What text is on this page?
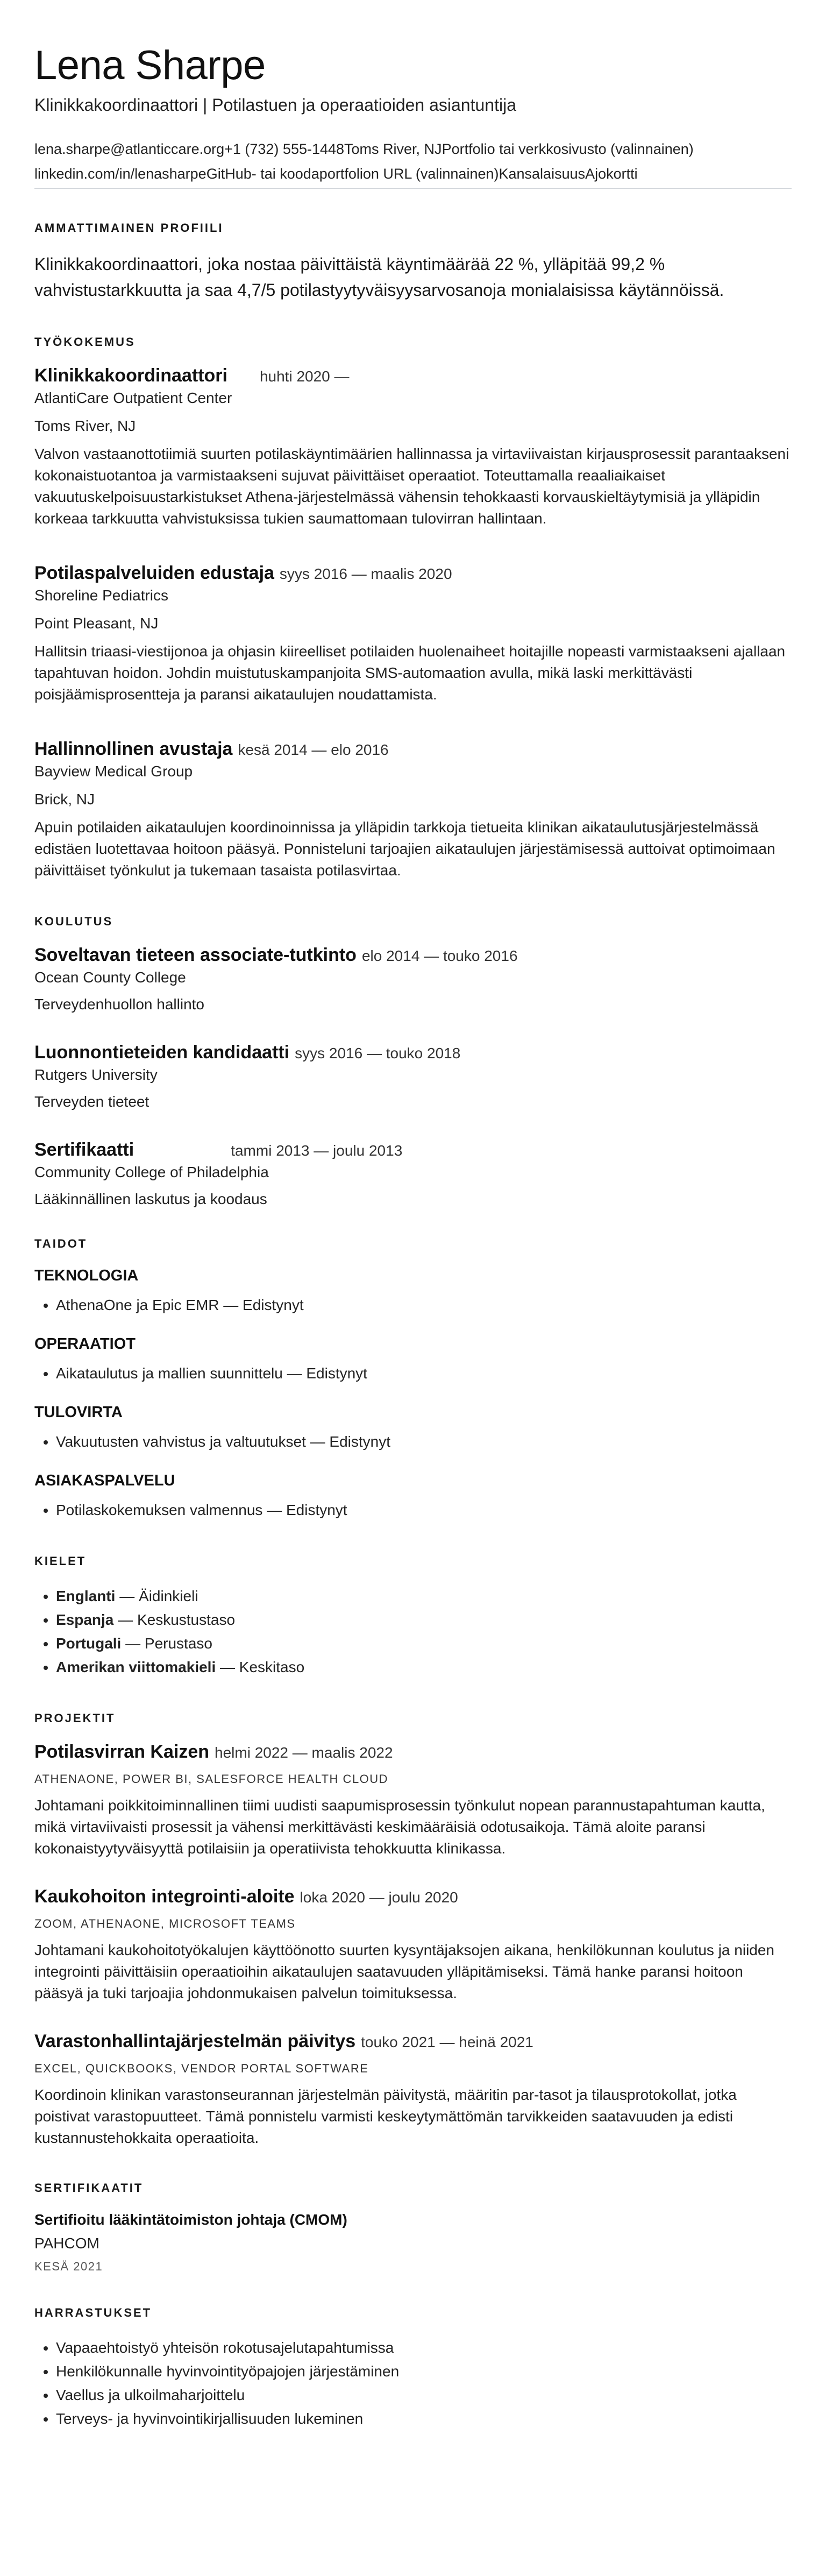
Lena Sharpe
Klinikkakoordinaattori | Potilastuen ja operaatioiden asiantuntija
lena.sharpe@atlanticcare.org+1 (732) 555-1448Toms River, NJPortfolio tai verkkosivusto (valinnainen)
linkedin.com/in/lenasharpeGitHub- tai koodaportfolion URL (valinnainen)KansalaisuusAjokortti
AMMATTIMAINEN PROFIILI
Klinikkakoordinaattori, joka nostaa päivittäistä käyntimäärää 22 %, ylläpitää 99,2 % vahvistustarkkuutta ja saa 4,7/5 potilastyytyväisyysarvosanoja monialaisissa käytännöissä.
TYÖKOKEMUS
Klinikkakoordinaattori huhti 2020 —
AtlantiCare Outpatient Center
Toms River, NJ
Valvon vastaanottotiimiä suurten potilaskäyntimäärien hallinnassa ja virtaviivaistan kirjausprosessit parantaakseni kokonaistuotantoa ja varmistaakseni sujuvat päivittäiset operaatiot. Toteuttamalla reaaliaikaiset vakuutuskelpoisuustarkistukset Athena-järjestelmässä vähensin tehokkaasti korvauskieltäytymisiä ja ylläpidin korkeaa tarkkuutta vahvistuksissa tukien saumattomaan tulovirran hallintaan.
Potilaspalveluiden edustaja syys 2016 — maalis 2020
Shoreline Pediatrics
Point Pleasant, NJ
Hallitsin triaasi-viestijonoa ja ohjasin kiireelliset potilaiden huolenaiheet hoitajille nopeasti varmistaakseni ajallaan tapahtuvan hoidon. Johdin muistutuskampanjoita SMS-automaation avulla, mikä laski merkittävästi poisjäämisprosentteja ja paransi aikataulujen noudattamista.
Hallinnollinen avustaja kesä 2014 — elo 2016
Bayview Medical Group
Brick, NJ
Apuin potilaiden aikataulujen koordinoinnissa ja ylläpidin tarkkoja tietueita klinikan aikataulutusjärjestelmässä edistäen luotettavaa hoitoon pääsyä. Ponnisteluni tarjoajien aikataulujen järjestämisessä auttoivat optimoimaan päivittäiset työnkulut ja tukemaan tasaista potilasvirtaa.
KOULUTUS
Soveltavan tieteen associate-tutkinto elo 2014 — touko 2016
Ocean County College
Terveydenhuollon hallinto
Luonnontieteiden kandidaatti syys 2016 — touko 2018
Rutgers University
Terveyden tieteet
Sertifikaatti	tammi 2013 — joulu 2013
Community College of Philadelphia
Lääkinnällinen laskutus ja koodaus
TAIDOT
TEKNOLOGIA
• AthenaOne ja Epic EMR — Edistynyt
OPERAATIOT
• Aikataulutus ja mallien suunnittelu — Edistynyt
TULOVIRTA
• Vakuutusten vahvistus ja valtuutukset — Edistynyt
ASIAKASPALVELU
• Potilaskokemuksen valmennus — Edistynyt
KIELET
• Englanti — Äidinkieli
• Espanja — Keskustustaso
• Portugali — Perustaso
• Amerikan viittomakieli — Keskitaso
PROJEKTIT
Potilasvirran Kaizen helmi 2022 — maalis 2022
ATHENAONE, POWER BI, SALESFORCE HEALTH CLOUD
Johtamani poikkitoiminnallinen tiimi uudisti saapumisprosessin työnkulut nopean parannustapahtuman kautta, mikä virtaviivaisti prosessit ja vähensi merkittävästi keskimääräisiä odotusaikoja. Tämä aloite paransi kokonaistyytyväisyyttä potilaisiin ja operatiivista tehokkuutta klinikassa.
Kaukohoiton integrointi-aloite loka 2020 — joulu 2020
ZOOM, ATHENAONE, MICROSOFT TEAMS
Johtamani kaukohoitotyökalujen käyttöönotto suurten kysyntäjaksojen aikana, henkilökunnan koulutus ja niiden integrointi päivittäisiin operaatioihin aikataulujen saatavuuden ylläpitämiseksi. Tämä hanke paransi hoitoon pääsyä ja tuki tarjoajia johdonmukaisen palvelun toimituksessa.
Varastonhallintajärjestelmän päivitys touko 2021 — heinä 2021
EXCEL, QUICKBOOKS, VENDOR PORTAL SOFTWARE
Koordinoin klinikan varastonseurannan järjestelmän päivitystä, määritin par-tasot ja tilausprotokollat, jotka poistivat varastopuutteet. Tämä ponnistelu varmisti keskeytymättömän tarvikkeiden saatavuuden ja edisti kustannustehokkaita operaatioita.
SERTIFIKAATIT
Sertifioitu lääkintätoimiston johtaja (CMOM)
PAHCOM
KESÄ 2021
HARRASTUKSET
• Vapaaehtoistyö yhteisön rokotusajelutapahtumissa
• Henkilökunnalle hyvinvointityöpajojen järjestäminen
• Vaellus ja ulkoilmaharjoittelu
• Terveys- ja hyvinvointikirjallisuuden lukeminen
